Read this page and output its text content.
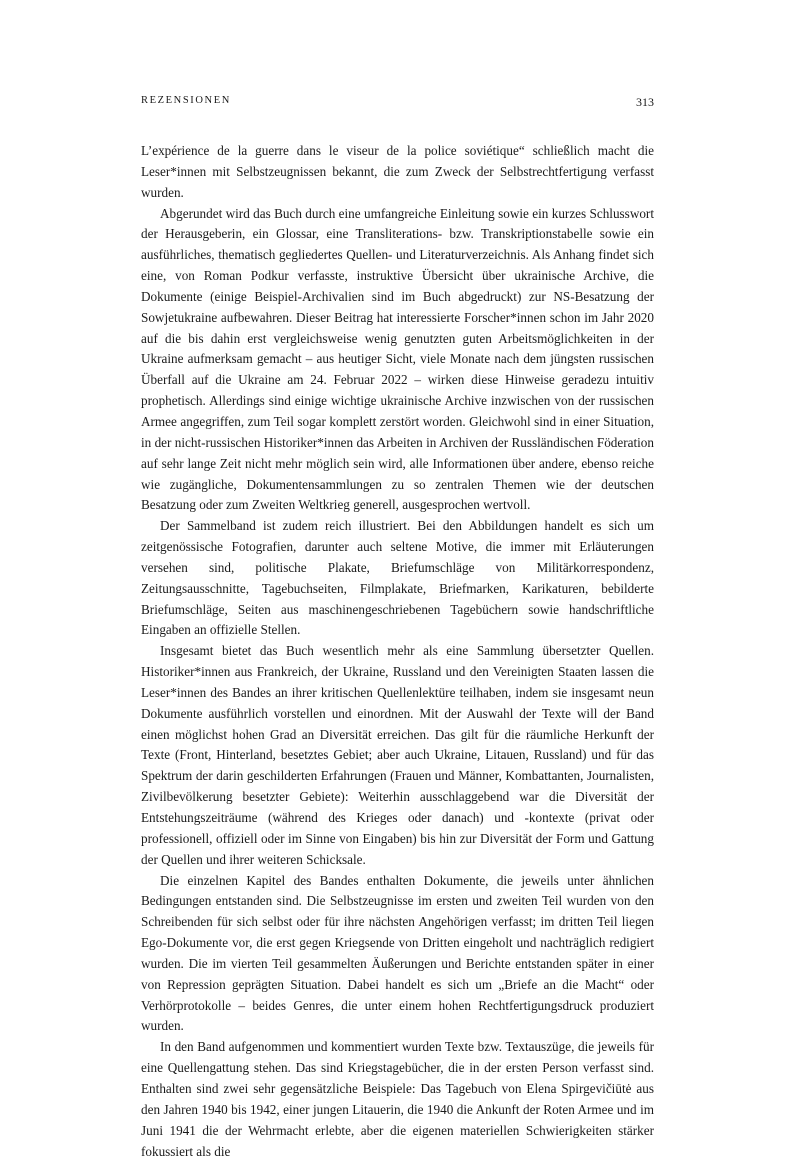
REZENSIONEN	313

L’expérience de la guerre dans le viseur de la police soviétique“ schließlich macht die Leser*innen mit Selbstzeugnissen bekannt, die zum Zweck der Selbstrechtfertigung verfasst wurden.

Abgerundet wird das Buch durch eine umfangreiche Einleitung sowie ein kurzes Schlusswort der Herausgeberin, ein Glossar, eine Transliterations- bzw. Transkriptionstabelle sowie ein ausführliches, thematisch gegliedertes Quellen- und Literaturverzeichnis. Als Anhang findet sich eine, von Roman Podkur verfasste, instruktive Übersicht über ukrainische Archive, die Dokumente (einige Beispiel-Archivalien sind im Buch abgedruckt) zur NS-Besatzung der Sowjetukraine aufbewahren. Dieser Beitrag hat interessierte Forscher*innen schon im Jahr 2020 auf die bis dahin erst vergleichsweise wenig genutzten guten Arbeitsmöglichkeiten in der Ukraine aufmerksam gemacht – aus heutiger Sicht, viele Monate nach dem jüngsten russischen Überfall auf die Ukraine am 24. Februar 2022 – wirken diese Hinweise geradezu intuitiv prophetisch. Allerdings sind einige wichtige ukrainische Archive inzwischen von der russischen Armee angegriffen, zum Teil sogar komplett zerstört worden. Gleichwohl sind in einer Situation, in der nicht-russischen Historiker*innen das Arbeiten in Archiven der Russländischen Föderation auf sehr lange Zeit nicht mehr möglich sein wird, alle Informationen über andere, ebenso reiche wie zugängliche, Dokumentensammlungen zu so zentralen Themen wie der deutschen Besatzung oder zum Zweiten Weltkrieg generell, ausgesprochen wertvoll.

Der Sammelband ist zudem reich illustriert. Bei den Abbildungen handelt es sich um zeitgenössische Fotografien, darunter auch seltene Motive, die immer mit Erläuterungen versehen sind, politische Plakate, Briefumschläge von Militärkorrespondenz, Zeitungsausschnitte, Tagebuchseiten, Filmplakate, Briefmarken, Karikaturen, bebilderte Briefumschläge, Seiten aus maschinengeschriebenen Tagebüchern sowie handschriftliche Eingaben an offizielle Stellen.

Insgesamt bietet das Buch wesentlich mehr als eine Sammlung übersetzter Quellen. Historiker*innen aus Frankreich, der Ukraine, Russland und den Vereinigten Staaten lassen die Leser*innen des Bandes an ihrer kritischen Quellenlektüre teilhaben, indem sie insgesamt neun Dokumente ausführlich vorstellen und einordnen. Mit der Auswahl der Texte will der Band einen möglichst hohen Grad an Diversität erreichen. Das gilt für die räumliche Herkunft der Texte (Front, Hinterland, besetztes Gebiet; aber auch Ukraine, Litauen, Russland) und für das Spektrum der darin geschilderten Erfahrungen (Frauen und Männer, Kombattanten, Journalisten, Zivilbevölkerung besetzter Gebiete): Weiterhin ausschlaggebend war die Diversität der Entstehungszeiträume (während des Krieges oder danach) und -kontexte (privat oder professionell, offiziell oder im Sinne von Eingaben) bis hin zur Diversität der Form und Gattung der Quellen und ihrer weiteren Schicksale.

Die einzelnen Kapitel des Bandes enthalten Dokumente, die jeweils unter ähnlichen Bedingungen entstanden sind. Die Selbstzeugnisse im ersten und zweiten Teil wurden von den Schreibenden für sich selbst oder für ihre nächsten Angehörigen verfasst; im dritten Teil liegen Ego-Dokumente vor, die erst gegen Kriegsende von Dritten eingeholt und nachträglich redigiert wurden. Die im vierten Teil gesammelten Äußerungen und Berichte entstanden später in einer von Repression geprägten Situation. Dabei handelt es sich um „Briefe an die Macht“ oder Verhörprotokolle – beides Genres, die unter einem hohen Rechtfertigungsdruck produziert wurden.

In den Band aufgenommen und kommentiert wurden Texte bzw. Textauszüge, die jeweils für eine Quellengattung stehen. Das sind Kriegstagebücher, die in der ersten Person verfasst sind. Enthalten sind zwei sehr gegensätzliche Beispiele: Das Tagebuch von Elena Spirgevičiūtė aus den Jahren 1940 bis 1942, einer jungen Litauerin, die 1940 die Ankunft der Roten Armee und im Juni 1941 die der Wehrmacht erlebte, aber die eigenen materiellen Schwierigkeiten stärker fokussiert als die
